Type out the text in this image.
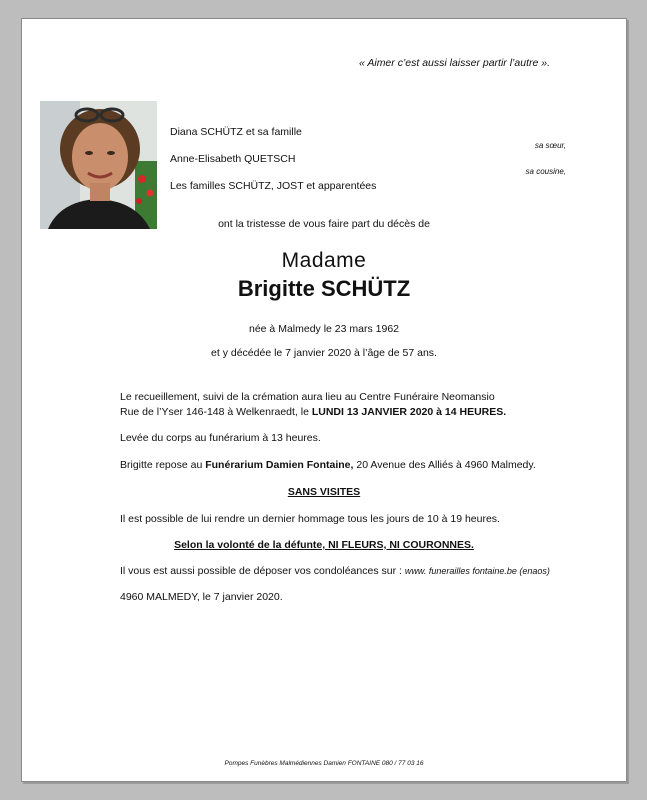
« Aimer c’est aussi laisser partir l’autre ».
Diana SCHÜTZ et sa famille
sa sœur,
Anne-Elisabeth QUETSCH
sa cousine,
Les familles SCHÜTZ, JOST et apparentées
ont la tristesse de vous faire part du décès de
Madame
Brigitte SCHÜTZ
née à Malmedy le 23 mars 1962
et y décédée le 7 janvier 2020 à l’âge de 57 ans.
Le recueillement, suivi de la crémation aura lieu au Centre Funéraire Neomansio
Rue de l’Yser 146-148 à Welkenraedt, le LUNDI 13 JANVIER 2020 à 14 HEURES.
Levée du corps au funérarium à 13 heures.
Brigitte repose au Funérarium Damien Fontaine, 20 Avenue des Alliés à 4960 Malmedy.
SANS VISITES
Il est possible de lui rendre un dernier hommage tous les jours de 10 à 19 heures.
Selon la volonté de la défunte, NI FLEURS, NI COURONNES.
Il vous est aussi possible de déposer vos condoléances sur : www. funerailles fontaine.be (enaos)
4960 MALMEDY, le 7 janvier 2020.
Pompes Funèbres Malmédiennes Damien FONTAINE 080 / 77 03 16
